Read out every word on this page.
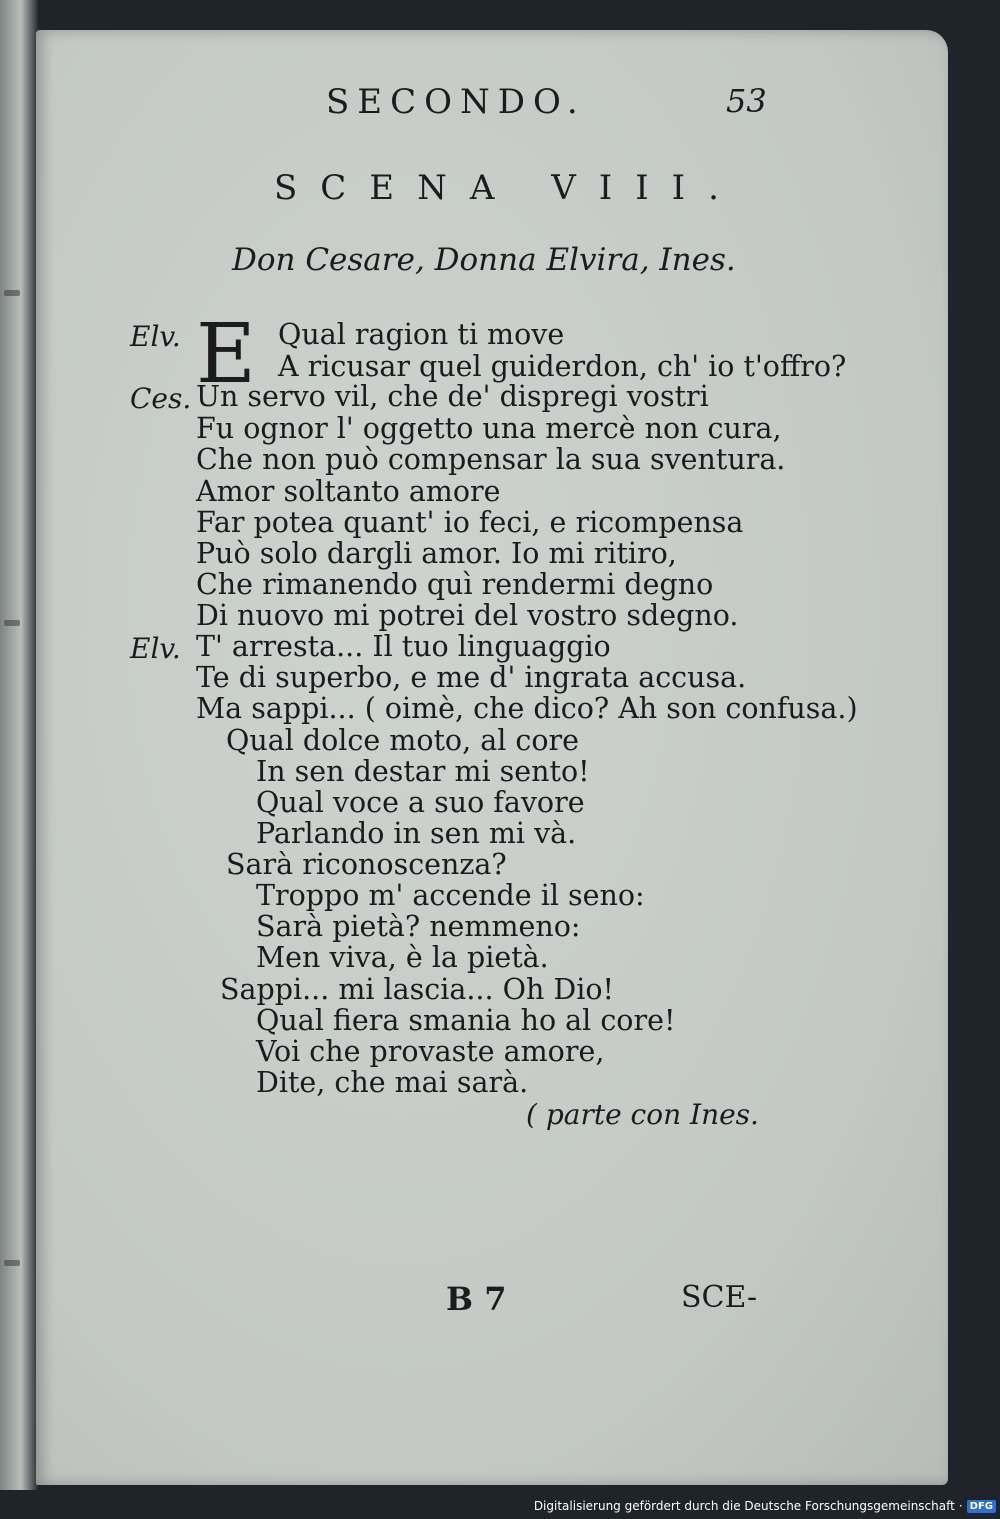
SECONDO.	53
SCENA VIII.
Don Cesare, Donna Elvira, Ines.
Elv. E Qual ragion ti move
A ricusar quel guiderdon, ch' io t'offro?
Ces. Un servo vil, che de' dispregi vostri
Fu ognor l' oggetto una mercè non cura,
Che non può compensar la sua sventura.
Amor soltanto amore
Far potea quant' io feci, e ricompensa
Può solo dargli amor. Io mi ritiro,
Che rimanendo quì rendermi degno
Di nuovo mi potrei del vostro sdegno.
Elv. T' arresta... Il tuo linguaggio
Te di superbo, e me d' ingrata accusa.
Ma sappi... ( oimè, che dico? Ah son confusa.)
Qual dolce moto, al core
In sen destar mi sento!
Qual voce a suo favore
Parlando in sen mi và.
Sarà riconoscenza?
Troppo m' accende il seno:
Sarà pietà? nemmeno:
Men viva, è la pietà.
Sappi... mi lascia... Oh Dio!
Qual fiera smania ho al core!
Voi che provaste amore,
Dite, che mai sarà.
( parte con Ines.
B 7	SCE-
Digitalisierung gefördert durch die Deutsche Forschungsgemeinschaft · DFG
